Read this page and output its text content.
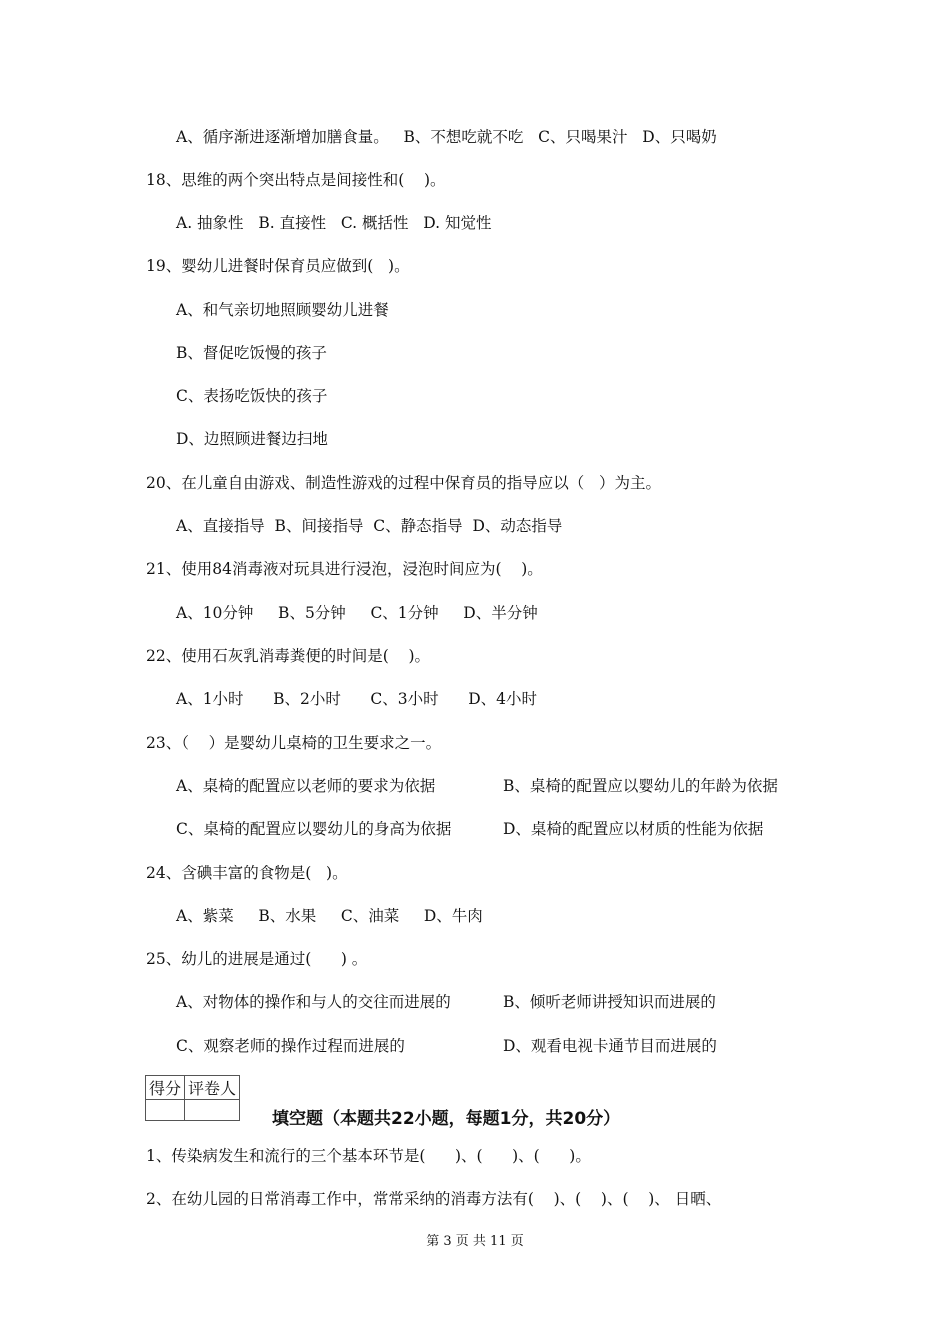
A、循序渐进逐渐增加膳食量。   B、不想吃就不吃   C、只喝果汁   D、只喝奶
18、思维的两个突出特点是间接性和(    )。
A. 抽象性   B. 直接性   C. 概括性   D. 知觉性
19、婴幼儿进餐时保育员应做到(   )。
A、和气亲切地照顾婴幼儿进餐
B、督促吃饭慢的孩子
C、表扬吃饭快的孩子
D、边照顾进餐边扫地
20、在儿童自由游戏、制造性游戏的过程中保育员的指导应以（   ）为主。
A、直接指导  B、间接指导  C、静态指导  D、动态指导
21、使用84消毒液对玩具进行浸泡，浸泡时间应为(    )。
A、10分钟     B、5分钟     C、1分钟     D、半分钟
22、使用石灰乳消毒粪便的时间是(    )。
A、1小时      B、2小时      C、3小时      D、4小时
23、（    ）是婴幼儿桌椅的卫生要求之一。
A、桌椅的配置应以老师的要求为依据	B、桌椅的配置应以婴幼儿的年龄为依据
C、桌椅的配置应以婴幼儿的身高为依据	D、桌椅的配置应以材质的性能为依据
24、含碘丰富的食物是(   )。
A、紫菜     B、水果     C、油菜     D、牛肉
25、幼儿的进展是通过(      ) 。
A、对物体的操作和与人的交往而进展的	B、倾听老师讲授知识而进展的
C、观察老师的操作过程而进展的	D、观看电视卡通节目而进展的
得分	评卷人

填空题（本题共22小题，每题1分，共20分）
1、传染病发生和流行的三个基本环节是(      )、(      )、(      )。
2、在幼儿园的日常消毒工作中，常常采纳的消毒方法有(    )、(    )、(    )、 日晒、
第 3 页 共 11 页
